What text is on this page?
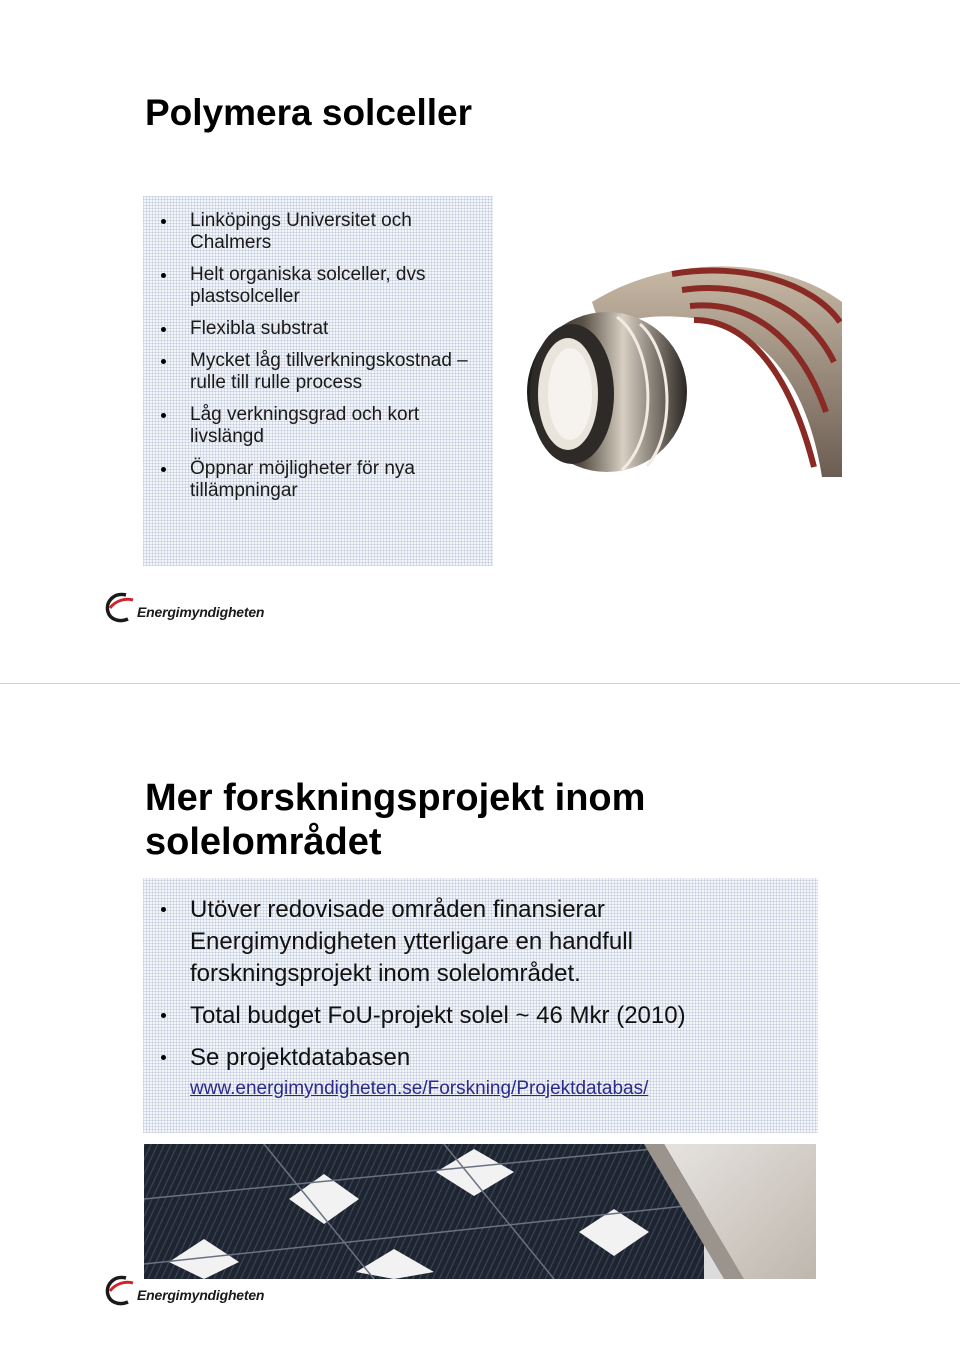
Polymera solceller
Linköpings Universitet och Chalmers
Helt organiska solceller, dvs plastsolceller
Flexibla substrat
Mycket låg tillverkningskostnad – rulle till rulle process
Låg verkningsgrad och kort livslängd
Öppnar möjligheter för nya tillämpningar
Energimyndigheten
Mer forskningsprojekt inom solelområdet
Utöver redovisade områden finansierar Energimyndigheten ytterligare en handfull forskningsprojekt inom solelområdet.
Total budget FoU-projekt solel ~ 46 Mkr (2010)
Se projektdatabasen
www.energimyndigheten.se/Forskning/Projektdatabas/
Energimyndigheten
